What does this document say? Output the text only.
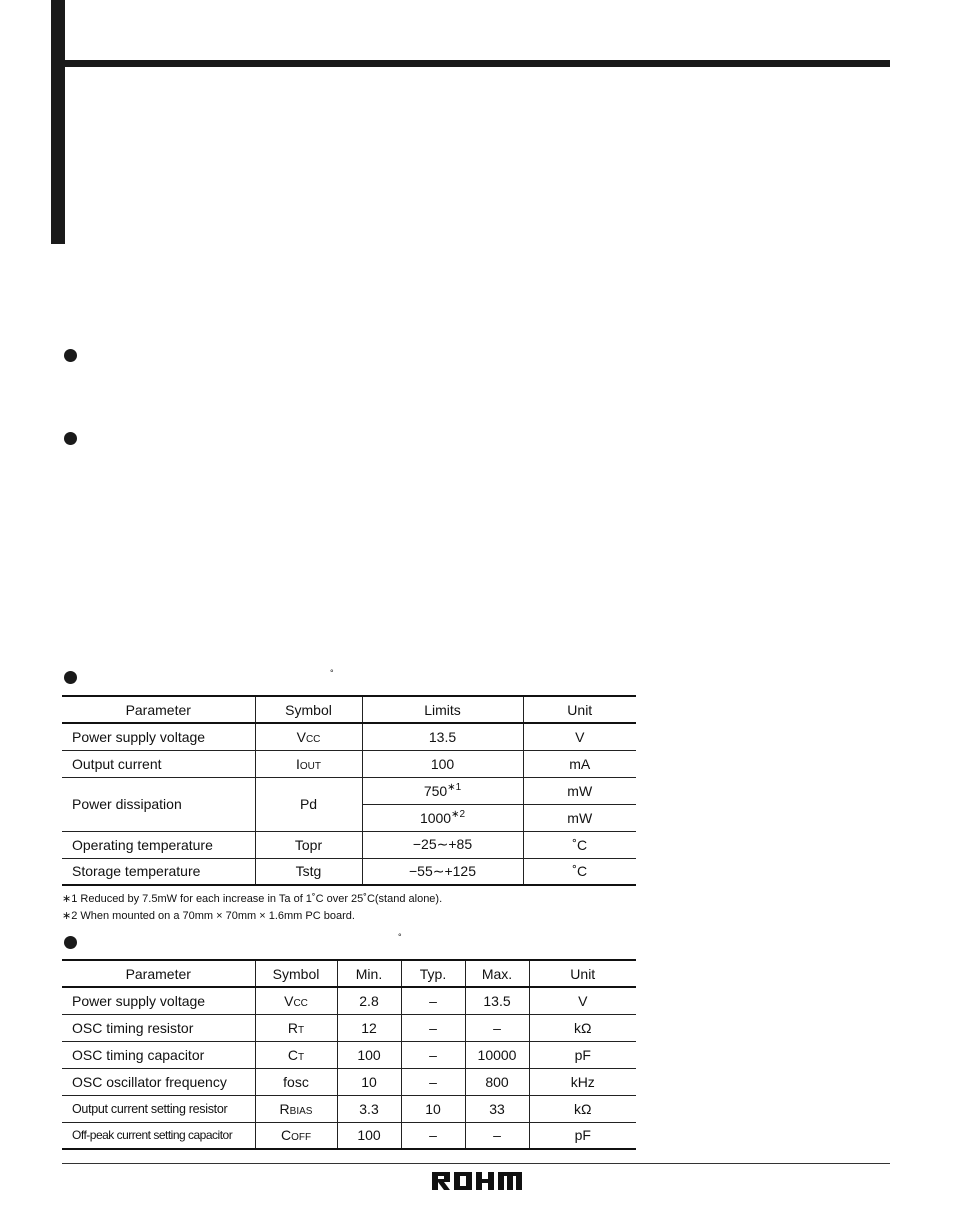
°
Parameter	Symbol	Limits	Unit
Power supply voltage	VCC	13.5	V
Output current	IOUT	100	mA
Power dissipation	Pd	$750^{∗1}$	mW
		$1000^{∗2}$	mW
Operating temperature	Topr	−25∼+85	˚C
Storage temperature	Tstg	−55∼+125	˚C
∗1 Reduced by 7.5mW for each increase in Ta of 1˚C over 25˚C(stand alone).
∗2 When mounted on a 70mm × 70mm × 1.6mm PC board.
°
Parameter	Symbol	Min.	Typ.	Max.	Unit
Power supply voltage	VCC	2.8	–	13.5	V
OSC timing resistor	RT	12	–	–	kΩ
OSC timing capacitor	CT	100	–	10000	pF
OSC oscillator frequency	fosc	10	–	800	kHz
Output current setting resistor	RBIAS	3.3	10	33	kΩ
Off-peak current setting capacitor	COFF	100	–	–	pF
